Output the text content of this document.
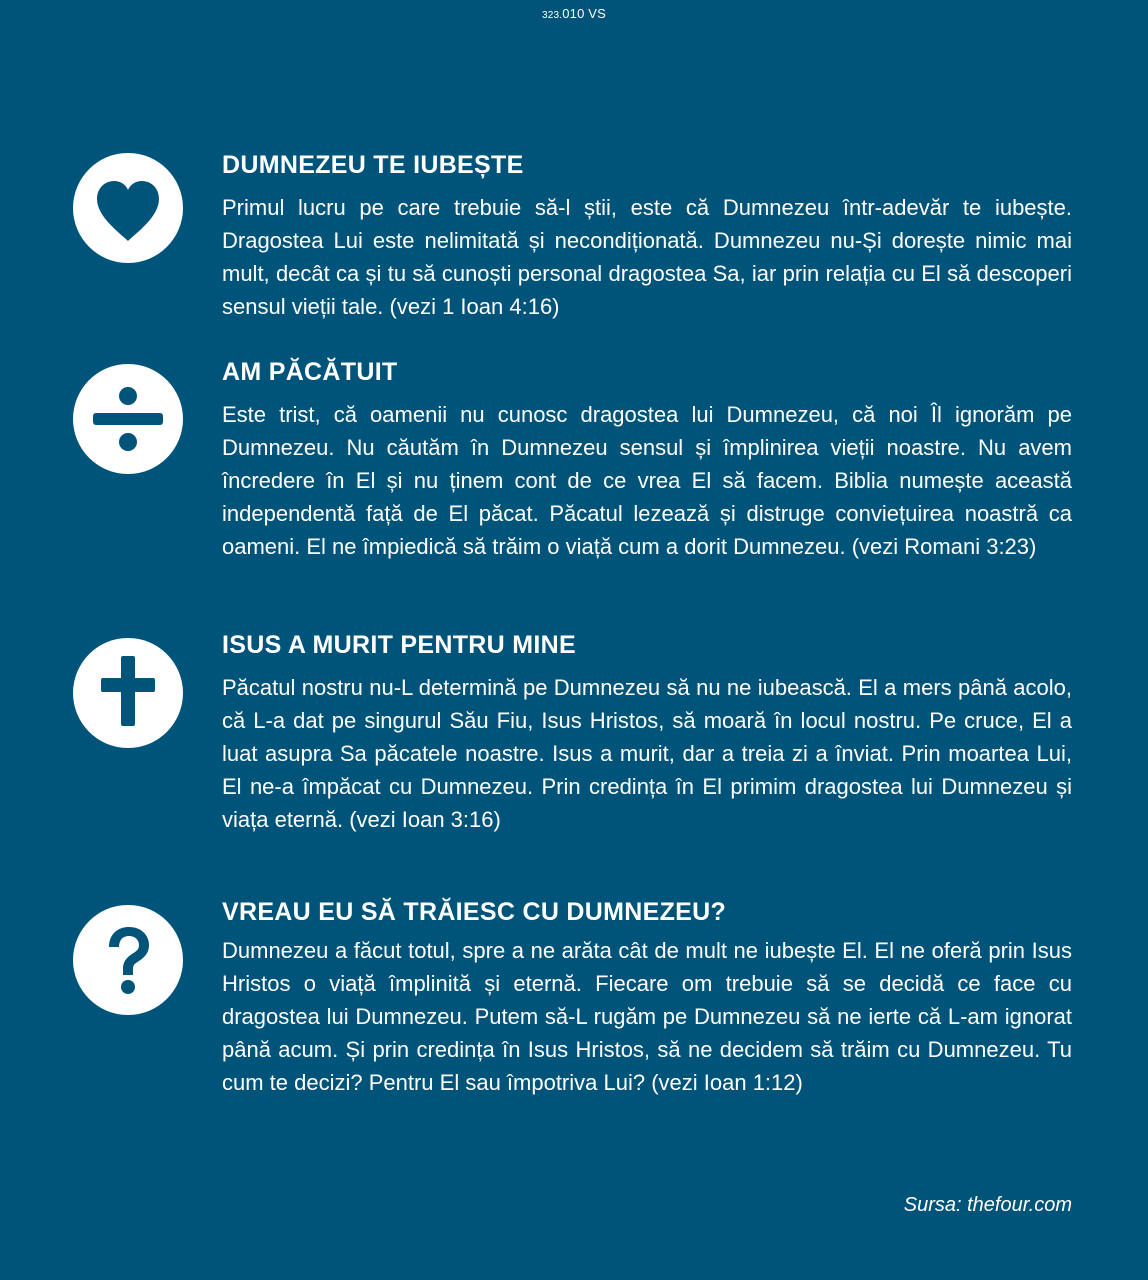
323.010 VS
DUMNEZEU TE IUBEȘTE

Primul lucru pe care trebuie să-l știi, este că Dumnezeu într-adevăr te iubește. Dragostea Lui este nelimitată și necondiționată. Dumnezeu nu-Și dorește nimic mai mult, decât ca și tu să cunoști personal dragostea Sa, iar prin relația cu El să descoperi sensul vieții tale. (vezi 1 Ioan 4:16)

AM PĂCĂTUIT

Este trist, că oamenii nu cunosc dragostea lui Dumnezeu, că noi Îl ignorăm pe Dumnezeu. Nu căutăm în Dumnezeu sensul și împlinirea vieții noastre. Nu avem încredere în El și nu ținem cont de ce vrea El să facem. Biblia numește această independentă față de El păcat. Păcatul lezează și distruge conviețuirea noastră ca oameni. El ne împiedică să trăim o viață cum a dorit Dumnezeu. (vezi Romani 3:23)

ISUS A MURIT PENTRU MINE

Păcatul nostru nu-L determină pe Dumnezeu să nu ne iubească. El a mers până acolo, că L-a dat pe singurul Său Fiu, Isus Hristos, să moară în locul nostru. Pe cruce, El a luat asupra Sa păcatele noastre. Isus a murit, dar a treia zi a înviat. Prin moartea Lui, El ne-a împăcat cu Dumnezeu. Prin credința în El primim dragostea lui Dumnezeu și viața eternă. (vezi Ioan 3:16)

VREAU EU SĂ TRĂIESC CU DUMNEZEU?

Dumnezeu a făcut totul, spre a ne arăta cât de mult ne iubește El. El ne oferă prin Isus Hristos o viață împlinită și eternă. Fiecare om trebuie să se decidă ce face cu dragostea lui Dumnezeu. Putem să-L rugăm pe Dumnezeu să ne ierte că L-am ignorat până acum. Și prin credința în Isus Hristos, să ne decidem să trăim cu Dumnezeu. Tu cum te decizi? Pentru El sau împotriva Lui? (vezi Ioan 1:12)

Sursa: thefour.com
